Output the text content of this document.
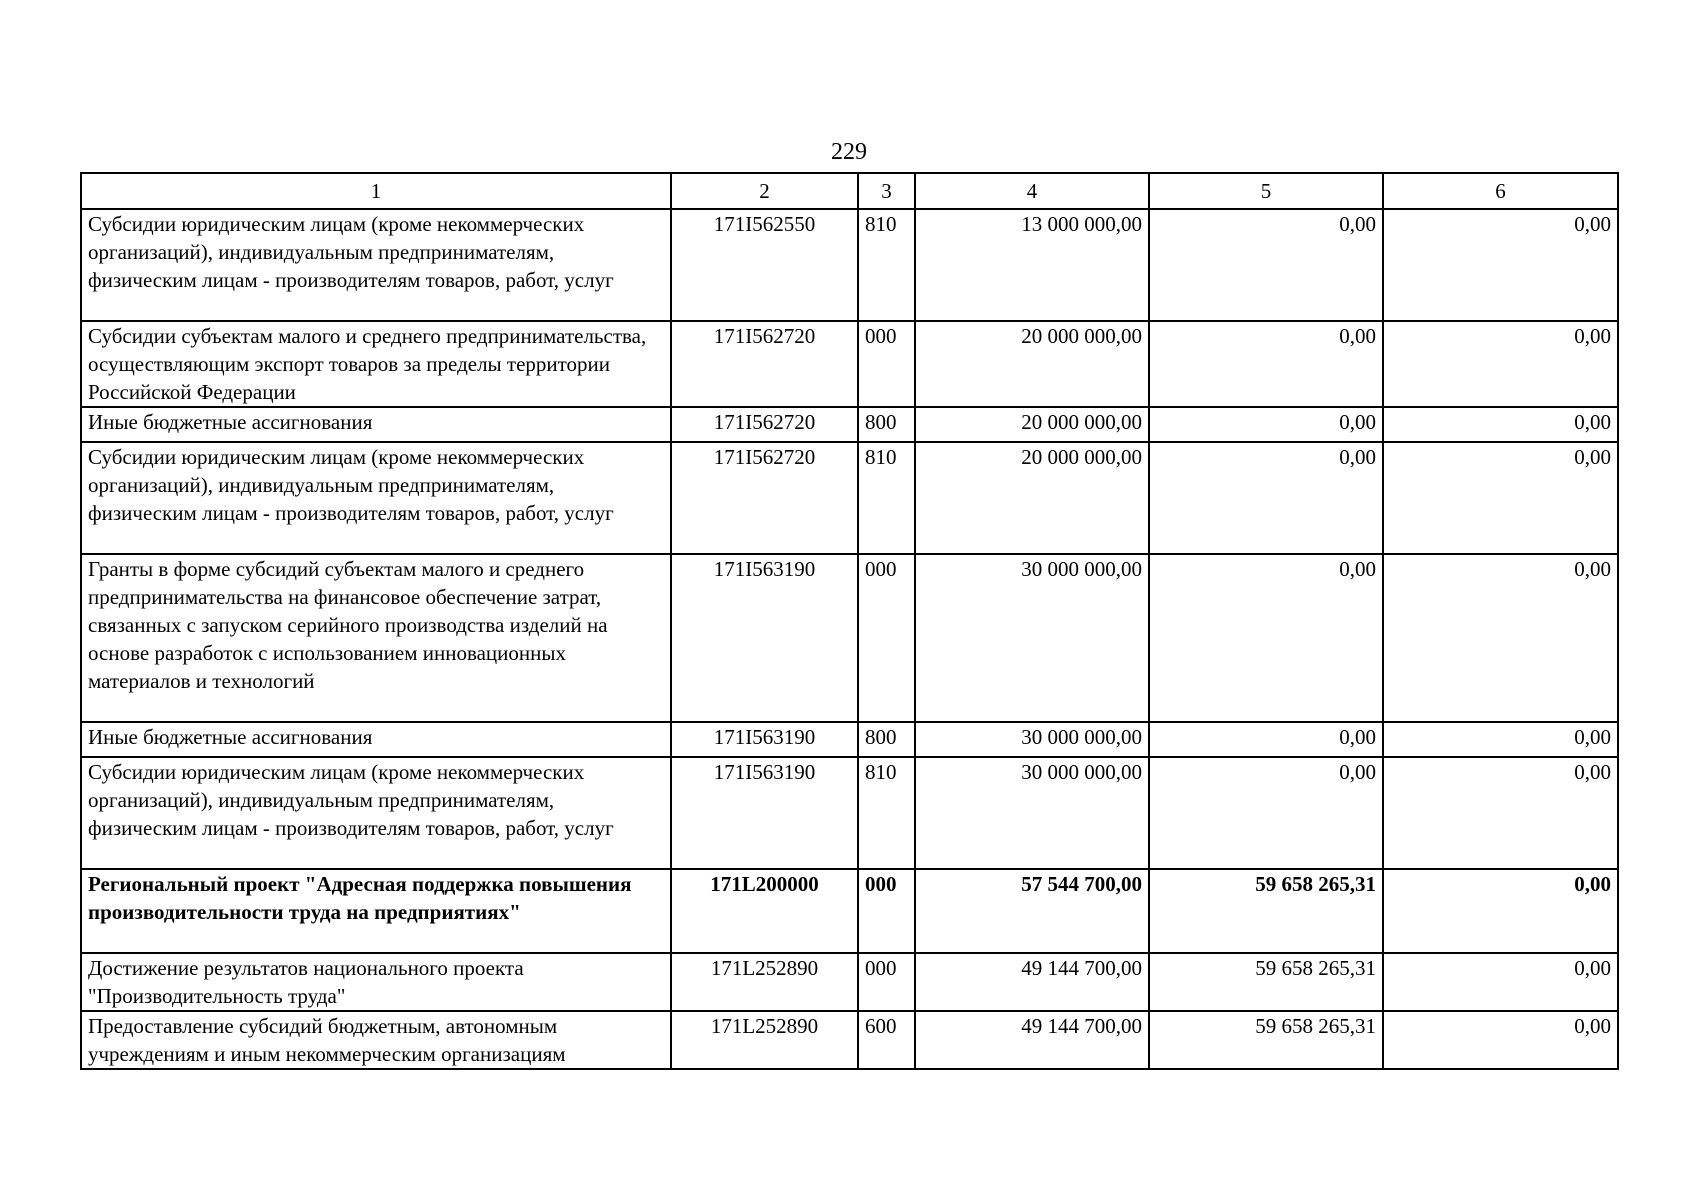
229
1	2	3	4	5	6
Субсидии юридическим лицам (кроме некоммерческих организаций), индивидуальным предпринимателям, физическим лицам - производителям товаров, работ, услуг	171I562550	810	13 000 000,00	0,00	0,00
Субсидии субъектам малого и среднего предпринимательства, осуществляющим экспорт товаров за пределы территории Российской Федерации	171I562720	000	20 000 000,00	0,00	0,00
Иные бюджетные ассигнования	171I562720	800	20 000 000,00	0,00	0,00
Субсидии юридическим лицам (кроме некоммерческих организаций), индивидуальным предпринимателям, физическим лицам - производителям товаров, работ, услуг	171I562720	810	20 000 000,00	0,00	0,00
Гранты в форме субсидий субъектам малого и среднего предпринимательства на финансовое обеспечение затрат, связанных с запуском серийного производства изделий на основе разработок с использованием инновационных материалов и технологий	171I563190	000	30 000 000,00	0,00	0,00
Иные бюджетные ассигнования	171I563190	800	30 000 000,00	0,00	0,00
Субсидии юридическим лицам (кроме некоммерческих организаций), индивидуальным предпринимателям, физическим лицам - производителям товаров, работ, услуг	171I563190	810	30 000 000,00	0,00	0,00
Региональный проект "Адресная поддержка повышения производительности труда на предприятиях"	171L200000	000	57 544 700,00	59 658 265,31	0,00
Достижение результатов национального проекта "Производительность труда"	171L252890	000	49 144 700,00	59 658 265,31	0,00
Предоставление субсидий бюджетным, автономным учреждениям и иным некоммерческим организациям	171L252890	600	49 144 700,00	59 658 265,31	0,00
